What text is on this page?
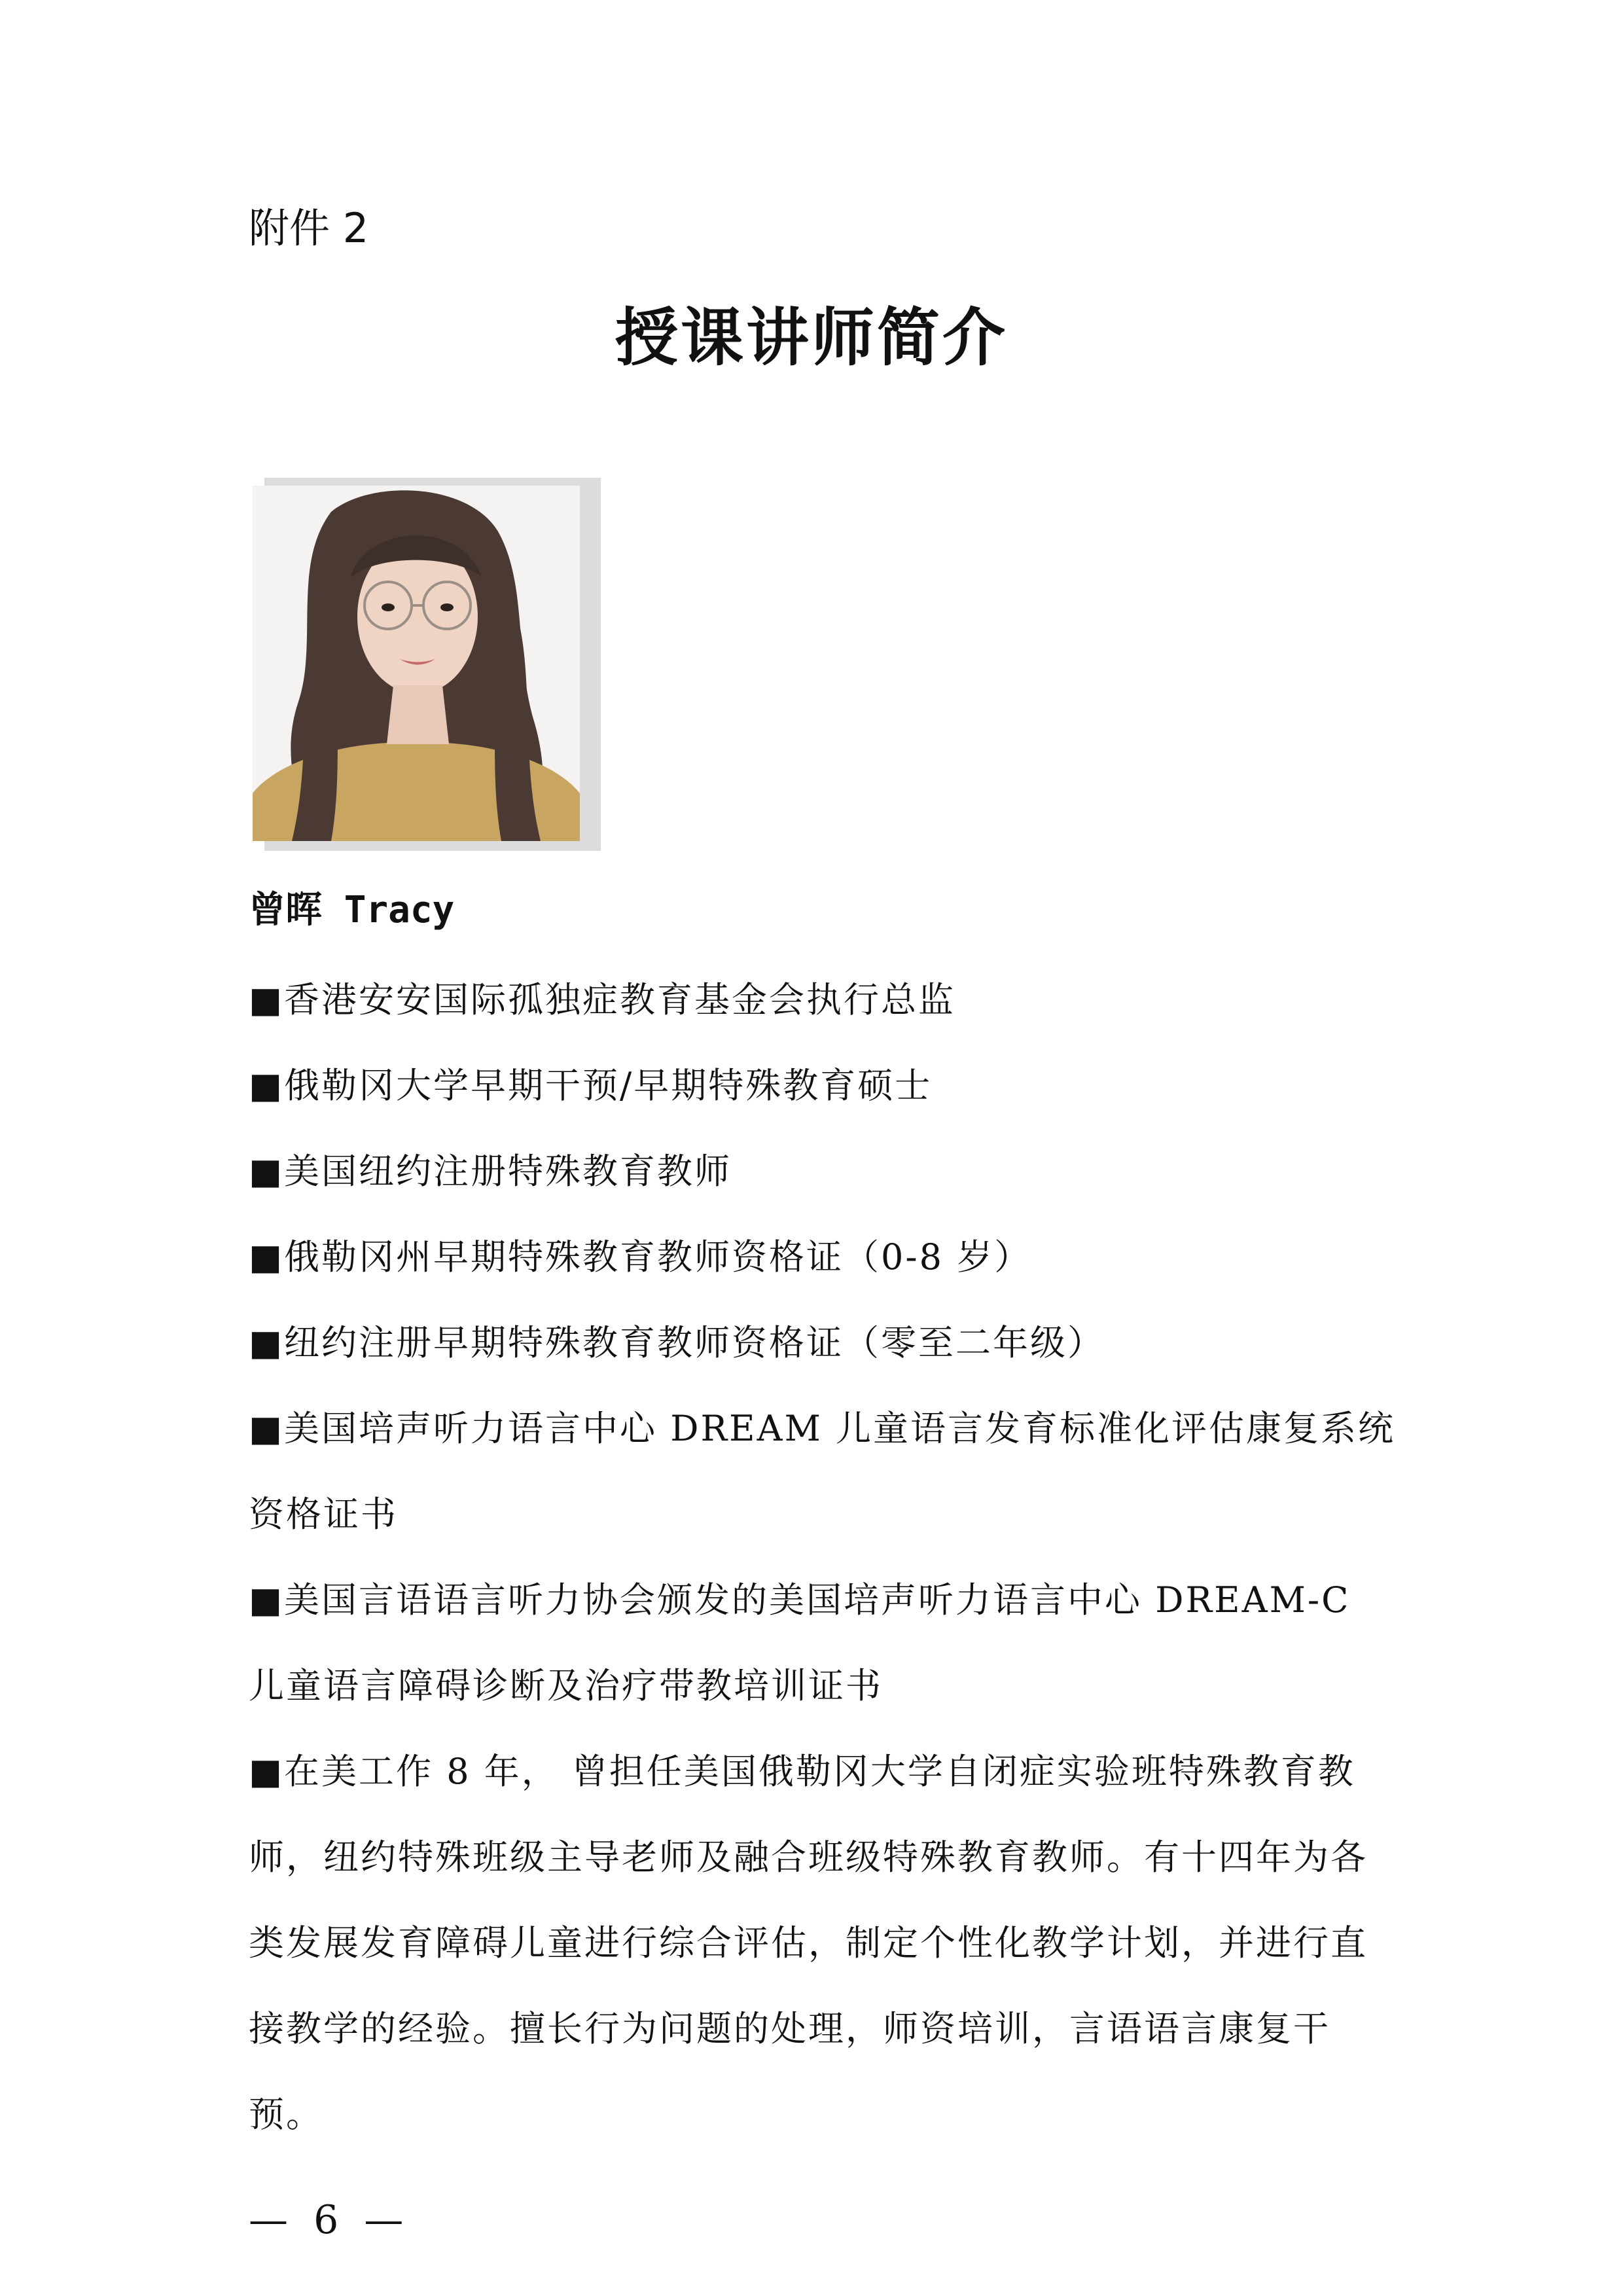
附件 2
授课讲师简介
曾晖 Tracy

■香港安安国际孤独症教育基金会执行总监

■俄勒冈大学早期干预/早期特殊教育硕士

■美国纽约注册特殊教育教师

■俄勒冈州早期特殊教育教师资格证（0-8 岁）

■纽约注册早期特殊教育教师资格证（零至二年级）

■美国培声听力语言中心 DREAM 儿童语言发育标准化评估康复系统资格证书

■美国言语语言听力协会颁发的美国培声听力语言中心 DREAM-C 儿童语言障碍诊断及治疗带教培训证书

■在美工作 8 年， 曾担任美国俄勒冈大学自闭症实验班特殊教育教师，纽约特殊班级主导老师及融合班级特殊教育教师。有十四年为各类发展发育障碍儿童进行综合评估，制定个性化教学计划，并进行直接教学的经验。擅长行为问题的处理，师资培训，言语语言康复干预。

— 6 —
